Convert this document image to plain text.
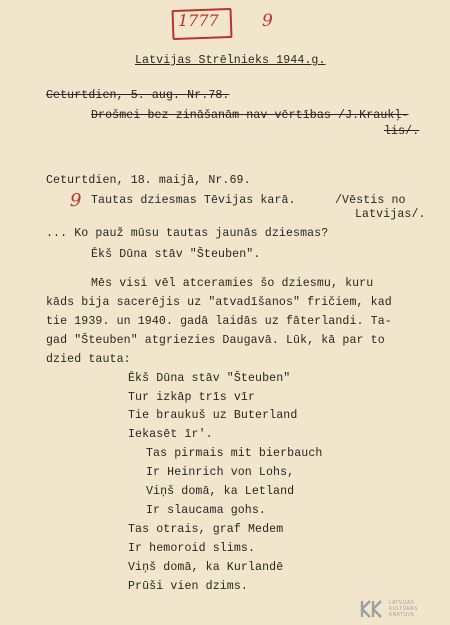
1777	9
Latvijas Strēlnieks 1944.g.
Ceturtdien, 5. aug. Nr.78.
Drošmei bez zināšanām nav vērtības /J.Kraukļ-
lis/.
Ceturtdien, 18. maijā, Nr.69.
9 Tautas dziesmas Tēvijas karā.	/Vēstis no
Latvijas/.
... Ko pauž mūsu tautas jaunās dziesmas?
Ēkš Dūna stāv "Šteuben".
Mēs visi vēl atceramies šo dziesmu, kuru
kāds bija sacerējis uz "atvadīšanos" fričiem, kad
tie 1939. un 1940. gadā laidās uz fāterlandi. Ta-
gad "Šteuben" atgriezies Daugavā. Lūk, kā par to
dzied tauta:
Ēkš Dūna stāv "Šteuben"
Tur izkāp trīs vīr
Tie braukuš uz Buterland
Iekasēt īr'.
Tas pirmais mit bierbauch
Ir Heinrich von Lohs,
Viņš domā, ka Letland
Ir slaucama gohs.
Tas otrais, graf Medem
Ir hemoroid slims.
Viņš domā, ka Kurlandē
Prūši vien dzims.
LATVIJAS
KULTŪRAS
KRĀTUVE
